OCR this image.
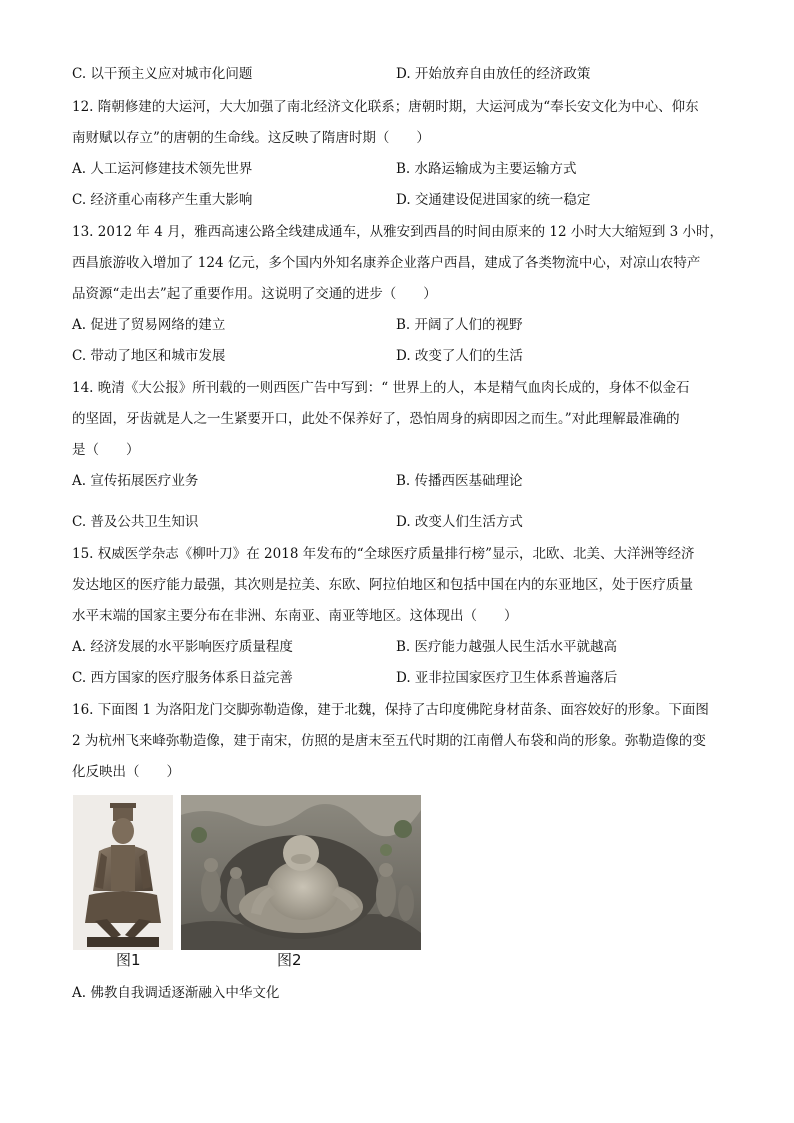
C. 以干预主义应对城市化问题	D. 开始放弃自由放任的经济政策
12. 隋朝修建的大运河，大大加强了南北经济文化联系；唐朝时期，大运河成为“奉长安文化为中心、仰东
南财赋以存立”的唐朝的生命线。这反映了隋唐时期（　　）
A. 人工运河修建技术领先世界	B. 水路运输成为主要运输方式
C. 经济重心南移产生重大影响	D. 交通建设促进国家的统一稳定
13. 2012 年 4 月，雅西高速公路全线建成通车，从雅安到西昌的时间由原来的 12 小时大大缩短到 3 小时，
西昌旅游收入增加了 124 亿元，多个国内外知名康养企业落户西昌，建成了各类物流中心，对凉山农特产
品资源“走出去”起了重要作用。这说明了交通的进步（　　）
A. 促进了贸易网络的建立	B. 开阔了人们的视野
C. 带动了地区和城市发展	D. 改变了人们的生活
14. 晚清《大公报》所刊载的一则西医广告中写到：“ 世界上的人，本是精气血肉长成的，身体不似金石
的坚固，牙齿就是人之一生紧要开口，此处不保养好了，恐怕周身的病即因之而生。”对此理解最准确的
是（　　）
A. 宣传拓展医疗业务	B. 传播西医基础理论
C. 普及公共卫生知识	D. 改变人们生活方式
15. 权威医学杂志《柳叶刀》在 2018 年发布的“全球医疗质量排行榜”显示，北欧、北美、大洋洲等经济
发达地区的医疗能力最强，其次则是拉美、东欧、阿拉伯地区和包括中国在内的东亚地区，处于医疗质量
水平末端的国家主要分布在非洲、东南亚、南亚等地区。这体现出（　　）
A. 经济发展的水平影响医疗质量程度	B. 医疗能力越强人民生活水平就越高
C. 西方国家的医疗服务体系日益完善	D. 亚非拉国家医疗卫生体系普遍落后
16. 下面图 1 为洛阳龙门交脚弥勒造像，建于北魏，保持了古印度佛陀身材苗条、面容姣好的形象。下面图
2 为杭州飞来峰弥勒造像，建于南宋，仿照的是唐末至五代时期的江南僧人布袋和尚的形象。弥勒造像的变
化反映出（　　）
图1	图2
A. 佛教自我调适逐渐融入中华文化
